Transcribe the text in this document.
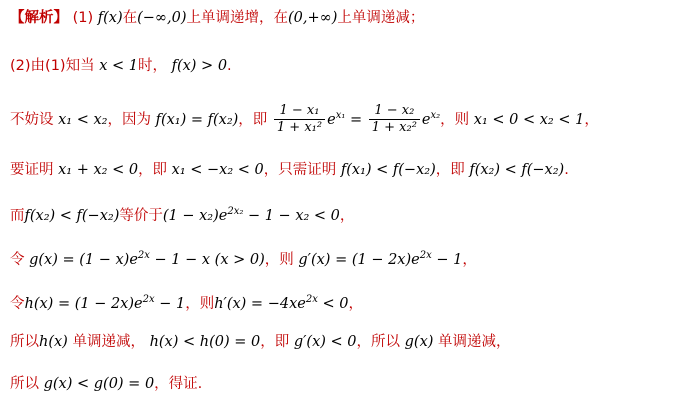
【解析】 (1) f(x)在(−∞,0)上单调递增，在(0,+∞)上单调递减；
(2)由(1)知当 x < 1时， f(x) > 0.
不妨设 x₁ < x₂，因为 f(x₁) = f(x₂)，即 $\frac{\text{1 − x₁}}{\text{1 + x₁²}} e^{x_1} = \frac{\text{1 − x₂}}{\text{1 + x₂²}} e^{x_2}$，则 x₁ < 0 < x₂ < 1，
要证明 x₁ + x₂ < 0，即 x₁ < −x₂ < 0，只需证明 f(x₁) < f(−x₂)，即 f(x₂) < f(−x₂).
而f(x₂) < f(−x₂)等价于$(1 - x_2)e^{2x_2} - 1 - x_2 < 0$，
令 $g(x) = (1 - x)e^{2x} - 1 - x$ (x > 0)，则 $g'(x) = (1 - 2x)e^{2x} - 1$，
令$h(x) = (1 - 2x)e^{2x} - 1$，则$h'(x) = -4xe^{2x} < 0$，
所以h(x) 单调递减， h(x) < h(0) = 0，即 g′(x) < 0，所以 g(x) 单调递减，
所以 g(x) < g(0) = 0，得证.
